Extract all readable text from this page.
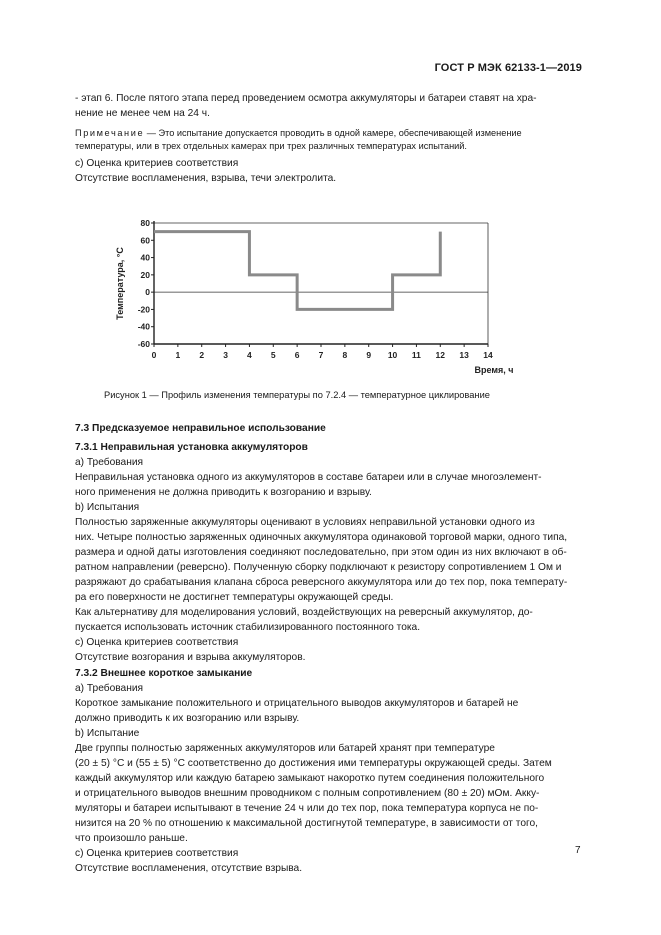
ГОСТ Р МЭК 62133-1—2019
- этап 6. После пятого этапа перед проведением осмотра аккумуляторы и батареи ставят на хра-
нение не менее чем на 24 ч.
Примечание — Это испытание допускается проводить в одной камере, обеспечивающей изменение
температуры, или в трех отдельных камерах при трех различных температурах испытаний.
с) Оценка критериев соответствия
Отсутствие воспламенения, взрыва, течи электролита.
80
60
40
20
0
-20
-40
-60
0 1 2 3 4 5 6 7 8 9 10 11 12 13 14
Температура, °С
Время, ч
Рисунок 1 — Профиль изменения температуры по 7.2.4 — температурное циклирование
7.3 Предсказуемое неправильное использование
7.3.1 Неправильная установка аккумуляторов
a) Требования
Неправильная установка одного из аккумуляторов в составе батареи или в случае многоэлемент-
ного применения не должна приводить к возгоранию и взрыву.
b) Испытания
Полностью заряженные аккумуляторы оценивают в условиях неправильной установки одного из
них. Четыре полностью заряженных одиночных аккумулятора одинаковой торговой марки, одного типа,
размера и одной даты изготовления соединяют последовательно, при этом один из них включают в об-
ратном направлении (реверсно). Полученную сборку подключают к резистору сопротивлением 1 Ом и
разряжают до срабатывания клапана сброса реверсного аккумулятора или до тех пор, пока температу-
ра его поверхности не достигнет температуры окружающей среды.
Как альтернативу для моделирования условий, воздействующих на реверсный аккумулятор, до-
пускается использовать источник стабилизированного постоянного тока.
с) Оценка критериев соответствия
Отсутствие возгорания и взрыва аккумуляторов.
7.3.2 Внешнее короткое замыкание
a) Требования
Короткое замыкание положительного и отрицательного выводов аккумуляторов и батарей не
должно приводить к их возгоранию или взрыву.
b) Испытание
Две группы полностью заряженных аккумуляторов или батарей хранят при температуре
(20 ± 5) °С и (55 ± 5) °С соответственно до достижения ими температуры окружающей среды. Затем
каждый аккумулятор или каждую батарею замыкают накоротко путем соединения положительного
и отрицательного выводов внешним проводником с полным сопротивлением (80 ± 20) мОм. Акку-
муляторы и батареи испытывают в течение 24 ч или до тех пор, пока температура корпуса не по-
низится на 20 % по отношению к максимальной достигнутой температуре, в зависимости от того,
что произошло раньше.
с) Оценка критериев соответствия
Отсутствие воспламенения, отсутствие взрыва.
7
